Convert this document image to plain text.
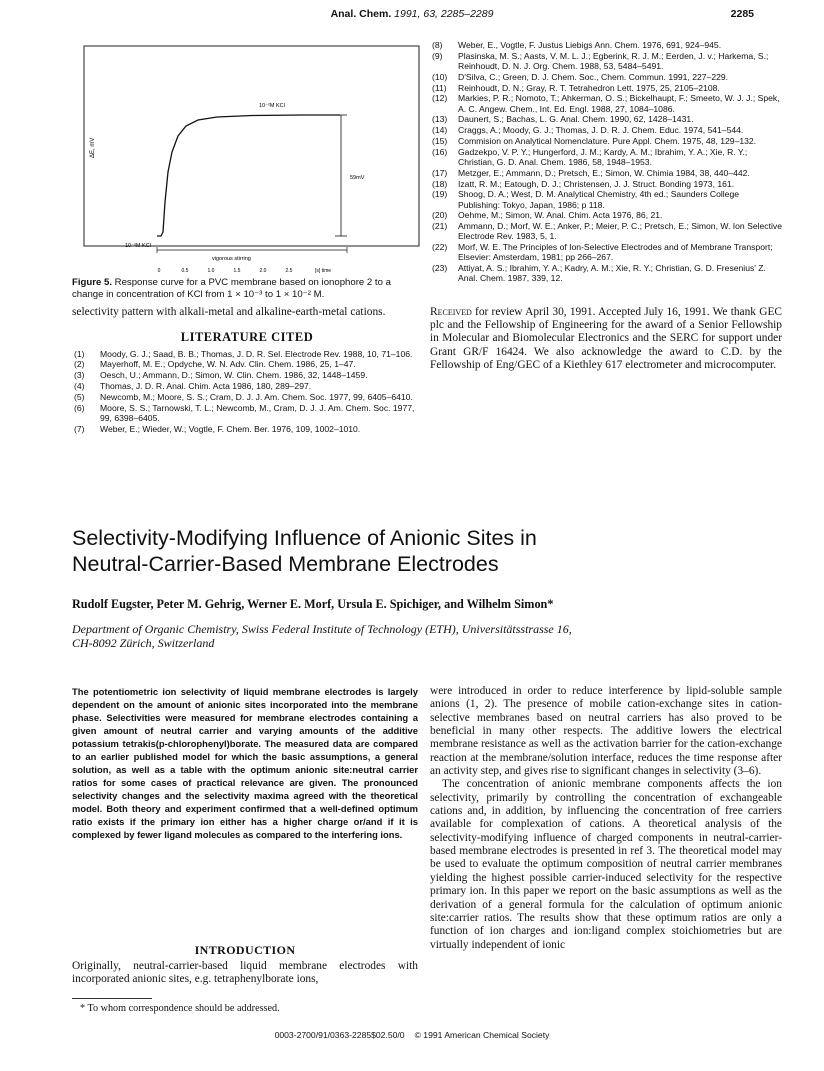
Anal. Chem. 1991, 63, 2285–2289	2285
vigorous stirring
10⁻²M KCl
10⁻³M KCl
59mV
ΔE, mV
0	0.5	1.0	1.5	2.0	2.5	[s] time
Figure 5. Response curve for a PVC membrane based on ionophore 2 to a change in concentration of KCl from 1 × 10⁻³ to 1 × 10⁻² M.

selectivity pattern with alkali-metal and alkaline-earth-metal cations.

LITERATURE CITED
(1) Moody, G. J.; Saad, B. B.; Thomas, J. D. R. Sel. Electrode Rev. 1988, 10, 71–106.
(2) Mayerhoff, M. E.; Opdyche, W. N. Adv. Clin. Chem. 1986, 25, 1–47.
(3) Oesch, U.; Ammann, D.; Simon, W. Clin. Chem. 1986, 32, 1448–1459.
(4) Thomas, J. D. R. Anal. Chim. Acta 1986, 180, 289–297.
(5) Newcomb, M.; Moore, S. S.; Cram, D. J. J. Am. Chem. Soc. 1977, 99, 6405–6410.
(6) Moore, S. S.; Tarnowski, T. L.; Newcomb, M., Cram, D. J. J. Am. Chem. Soc. 1977, 99, 6398–6405.
(7) Weber, E.; Wieder, W.; Vogtle, F. Chem. Ber. 1976, 109, 1002–1010.
(8) Weber, E., Vogtle, F. Justus Liebigs Ann. Chem. 1976, 691, 924–945.
(9) Plasinska, M. S.; Aasts, V. M. L. J.; Egberink, R. J. M.; Eerden, J. v.; Harkema, S.; Reinhoudt, D. N. J. Org. Chem. 1988, 53, 5484–5491.
(10) D'Silva, C.; Green, D. J. Chem. Soc., Chem. Commun. 1991, 227–229.
(11) Reinhoudt, D. N.; Gray, R. T. Tetrahedron Lett. 1975, 25, 2105–2108.
(12) Markies, P. R.; Nomoto, T.; Ahkerman, O. S.; Bickelhaupt, F.; Smeeto, W. J. J.; Spek, A. C. Angew. Chem., Int. Ed. Engl. 1988, 27, 1084–1086.
(13) Daunert, S.; Bachas, L. G. Anal. Chem. 1990, 62, 1428–1431.
(14) Craggs, A.; Moody, G. J.; Thomas, J. D. R. J. Chem. Educ. 1974, 541–544.
(15) Commision on Analytical Nomenclature. Pure Appl. Chem. 1975, 48, 129–132.
(16) Gadzekpo, V. P. Y.; Hungerford, J. M.; Kardy, A. M.; Ibrahim, Y. A.; Xie, R. Y.; Christian, G. D. Anal. Chem. 1986, 58, 1948–1953.
(17) Metzger, E.; Ammann, D.; Pretsch, E.; Simon, W. Chimia 1984, 38, 440–442.
(18) Izatt, R. M.; Eatough, D. J.; Christensen, J. J. Struct. Bonding 1973, 161.
(19) Shoog, D. A.; West, D. M. Analytical Chemistry, 4th ed.; Saunders College Publishing: Tokyo, Japan, 1986; p 118.
(20) Oehme, M.; Simon, W. Anal. Chim. Acta 1976, 86, 21.
(21) Ammann, D.; Morf, W. E.; Anker, P.; Meier, P. C.; Pretsch, E.; Simon, W. Ion Selective Electrode Rev. 1983, 5, 1.
(22) Morf, W. E. The Principles of Ion-Selective Electrodes and of Membrane Transport; Elsevier: Amsterdam, 1981; pp 266–267.
(23) Attiyat, A. S.; Ibrahim, Y. A.; Kadry, A. M.; Xie, R. Y.; Christian, G. D. Fresenius' Z. Anal. Chem. 1987, 339, 12.
Received for review April 30, 1991. Accepted July 16, 1991. We thank GEC plc and the Fellowship of Engineering for the award of a Senior Fellowship in Molecular and Biomolecular Electronics and the SERC for support under Grant GR/F 16424. We also acknowledge the award to C.D. by the Fellowship of Eng/GEC of a Kiethley 617 electrometer and microcomputer.
Selectivity-Modifying Influence of Anionic Sites in
Neutral-Carrier-Based Membrane Electrodes
Rudolf Eugster, Peter M. Gehrig, Werner E. Morf, Ursula E. Spichiger, and Wilhelm Simon*
Department of Organic Chemistry, Swiss Federal Institute of Technology (ETH), Universitätsstrasse 16,
CH-8092 Zürich, Switzerland
The potentiometric ion selectivity of liquid membrane electrodes is largely dependent on the amount of anionic sites incorporated into the membrane phase. Selectivities were measured for membrane electrodes containing a given amount of neutral carrier and varying amounts of the additive potassium tetrakis(p-chlorophenyl)borate. The measured data are compared to an earlier published model for which the basic assumptions, a general solution, as well as a table with the optimum anionic site:neutral carrier ratios for some cases of practical relevance are given. The pronounced selectivity changes and the selectivity maxima agreed with the theoretical model. Both theory and experiment confirmed that a well-defined optimum ratio exists if the primary ion either has a higher charge or/and if it is complexed by fewer ligand molecules as compared to the interfering ions.
INTRODUCTION
Originally, neutral-carrier-based liquid membrane electrodes with incorporated anionic sites, e.g. tetraphenylborate ions,
* To whom correspondence should be addressed.

were introduced in order to reduce interference by lipid-soluble sample anions (1, 2). The presence of mobile cation-exchange sites in cation-selective membranes based on neutral carriers has also proved to be beneficial in many other respects. The additive lowers the electrical membrane resistance as well as the activation barrier for the cation-exchange reaction at the membrane/solution interface, reduces the time response after an activity step, and gives rise to significant changes in selectivity (3–6).

The concentration of anionic membrane components affects the ion selectivity, primarily by controlling the concentration of exchangeable cations and, in addition, by influencing the concentration of free carriers available for complexation of cations. A theoretical analysis of the selectivity-modifying influence of charged components in neutral-carrier-based membrane electrodes is presented in ref 3. The theoretical model may be used to evaluate the optimum composition of neutral carrier membranes yielding the highest possible carrier-induced selectivity for the respective primary ion. In this paper we report on the basic assumptions as well as the derivation of a general formula for the calculation of optimum anionic site:carrier ratios. The results show that these optimum ratios are only a function of ion charges and ion:ligand complex stoichiometries but are virtually independent of ionic

0003-2700/91/0363-2285$02.50/0 © 1991 American Chemical Society
